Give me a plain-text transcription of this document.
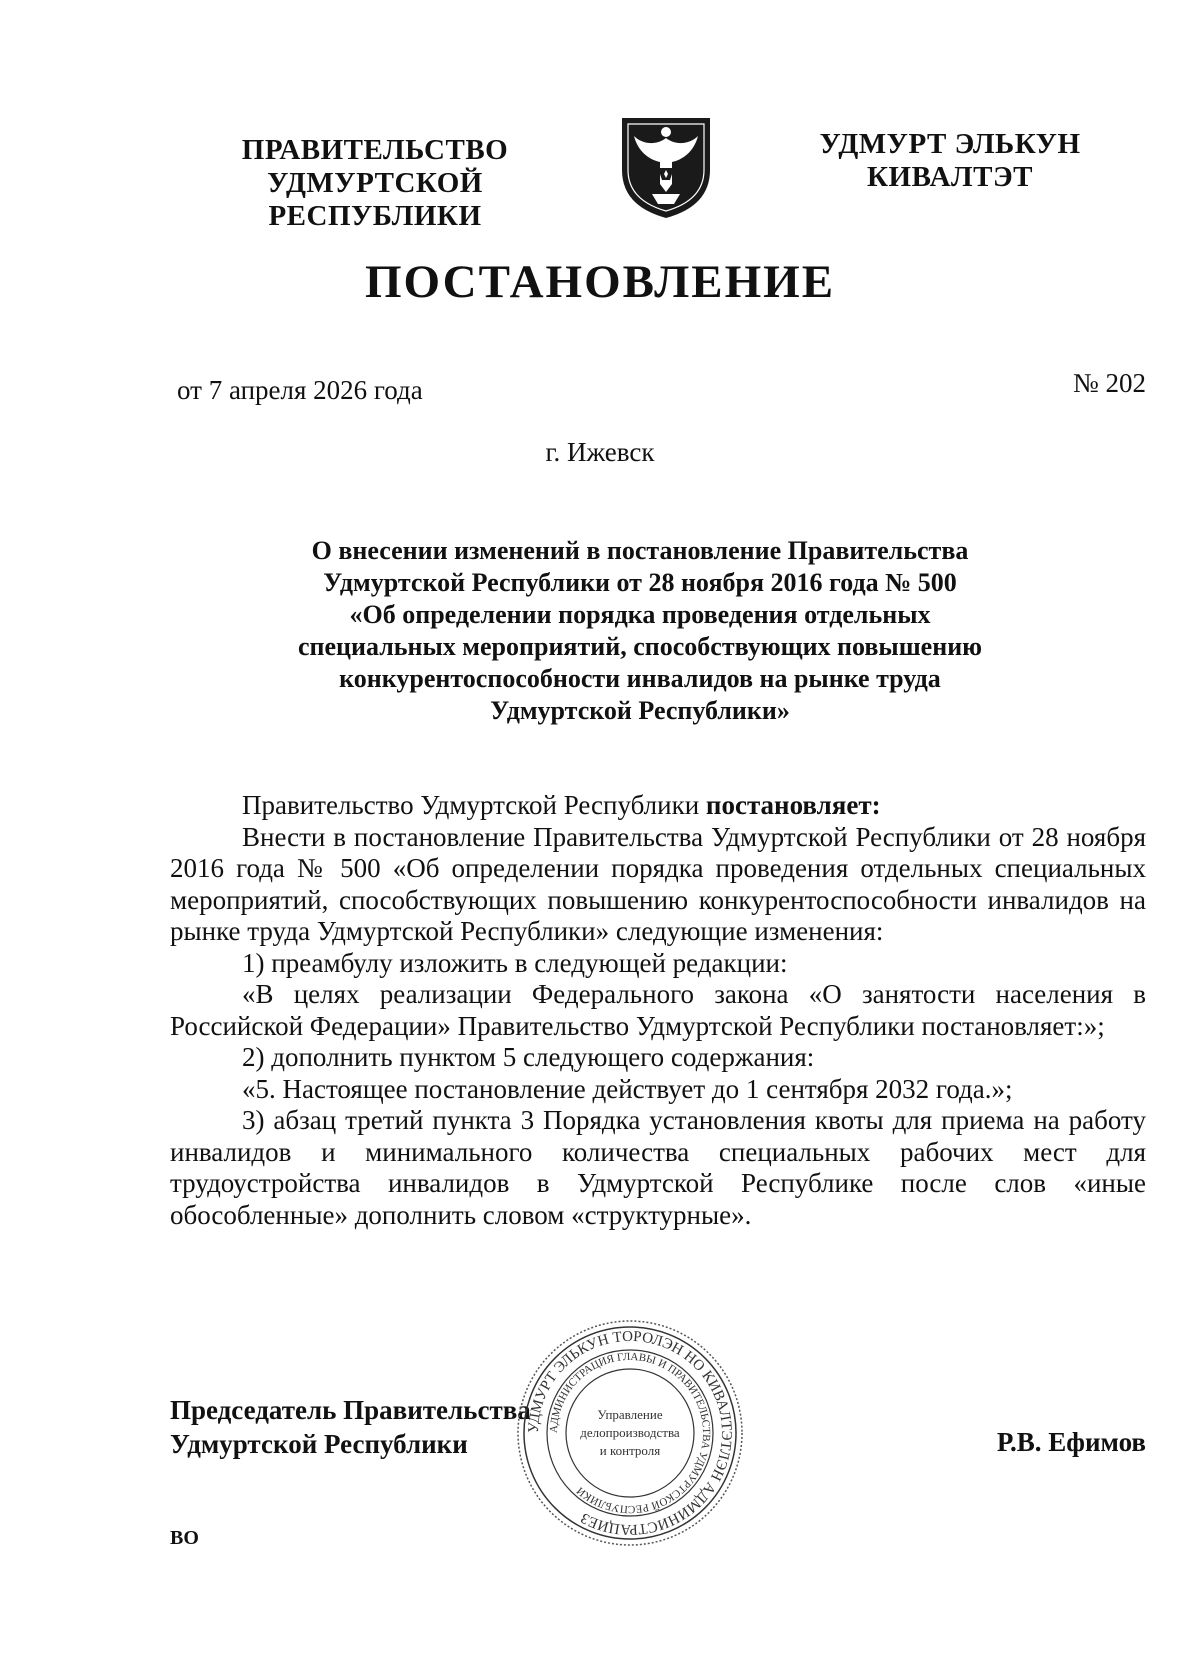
ПРАВИТЕЛЬСТВО
УДМУРТСКОЙ РЕСПУБЛИКИ
УДМУРТ ЭЛЬКУН
КИВАЛТЭТ
ПОСТАНОВЛЕНИЕ
от 7 апреля 2026 года	№ 202
г. Ижевск
О внесении изменений в постановление Правительства
Удмуртской Республики от 28 ноября 2016 года № 500
«Об определении порядка проведения отдельных
специальных мероприятий, способствующих повышению
конкурентоспособности инвалидов на рынке труда
Удмуртской Республики»

Правительство Удмуртской Республики постановляет:

Внести в постановление Правительства Удмуртской Республики от 28 ноября 2016 года № 500 «Об определении порядка проведения отдельных специальных мероприятий, способствующих повышению конкурентоспособности инвалидов на рынке труда Удмуртской Республики» следующие изменения:

1) преамбулу изложить в следующей редакции:

«В целях реализации Федерального закона «О занятости населения в Российской Федерации» Правительство Удмуртской Республики постановляет:»;

2) дополнить пунктом 5 следующего содержания:

«5. Настоящее постановление действует до 1 сентября 2032 года.»;

3) абзац третий пункта 3 Порядка установления квоты для приема на работу инвалидов и минимального количества специальных рабочих мест для трудоустройства инвалидов в Удмуртской Республике после слов «иные обособленные» дополнить словом «структурные».

Председатель Правительства
Удмуртской Республики
УДМУРТ ЭЛЬКУН ТОРОЛЭН НО КИВАЛТЭТЛЭН АДМИНИСТРАЦИЕЗ
АДМИНИСТРАЦИЯ ГЛАВЫ И ПРАВИТЕЛЬСТВА УДМУРТСКОЙ РЕСПУБЛИКИ
Управление
делопроизводства
и контроля	Р.В. Ефимов
ВО
